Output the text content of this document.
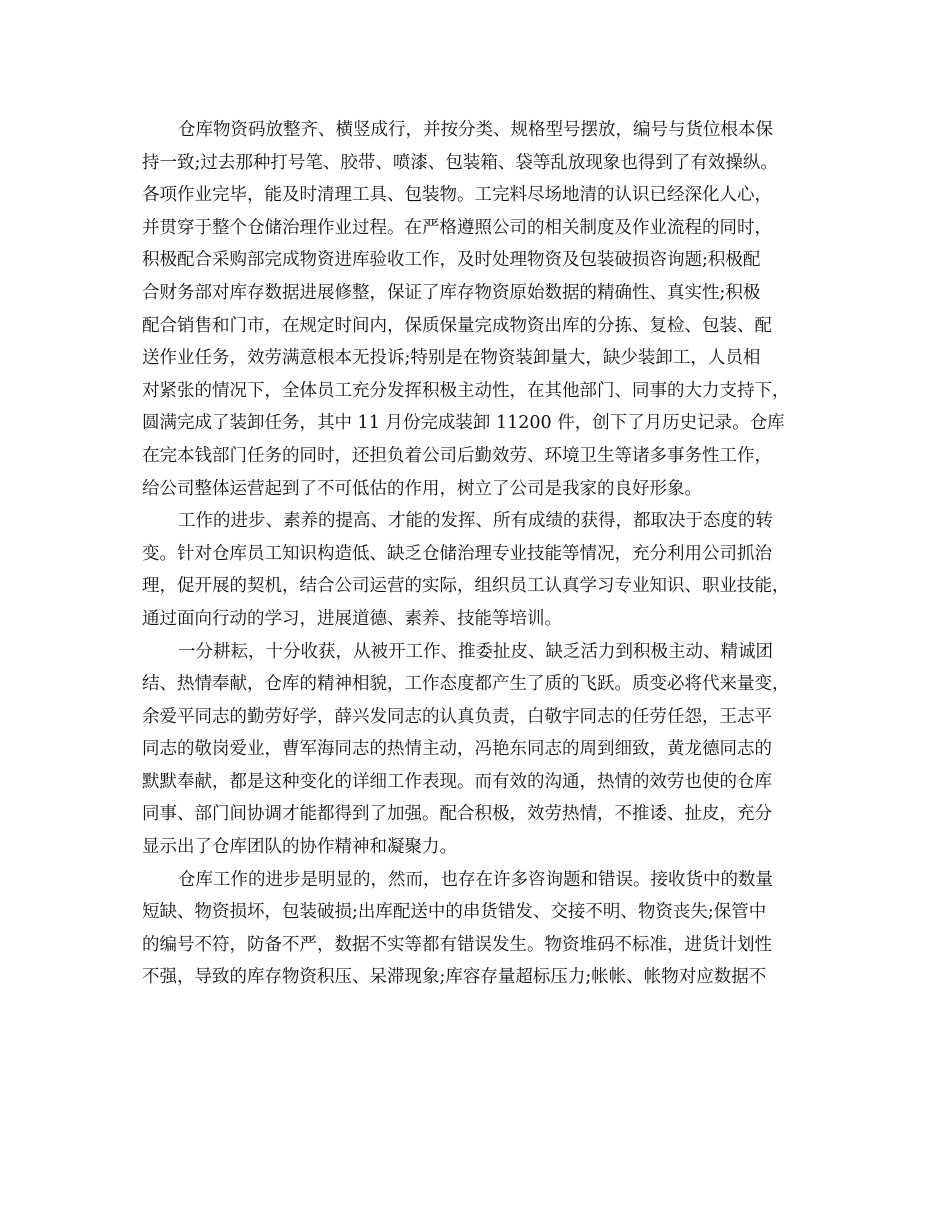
仓库物资码放整齐、横竖成行，并按分类、规格型号摆放，编号与货位根本保
持一致;过去那种打号笔、胶带、喷漆、包装箱、袋等乱放现象也得到了有效操纵。
各项作业完毕，能及时清理工具、包装物。工完料尽场地清的认识已经深化人心，
并贯穿于整个仓储治理作业过程。在严格遵照公司的相关制度及作业流程的同时，
积极配合采购部完成物资进库验收工作，及时处理物资及包装破损咨询题;积极配
合财务部对库存数据进展修整，保证了库存物资原始数据的精确性、真实性;积极
配合销售和门市，在规定时间内，保质保量完成物资出库的分拣、复检、包装、配
送作业任务，效劳满意根本无投诉;特别是在物资装卸量大，缺少装卸工，人员相
对紧张的情况下，全体员工充分发挥积极主动性，在其他部门、同事的大力支持下，
圆满完成了装卸任务，其中 11 月份完成装卸 11200 件，创下了月历史记录。仓库
在完本钱部门任务的同时，还担负着公司后勤效劳、环境卫生等诸多事务性工作，
给公司整体运营起到了不可低估的作用，树立了公司是我家的良好形象。
工作的进步、素养的提高、才能的发挥、所有成绩的获得，都取决于态度的转
变。针对仓库员工知识构造低、缺乏仓储治理专业技能等情况，充分利用公司抓治
理，促开展的契机，结合公司运营的实际，组织员工认真学习专业知识、职业技能，
通过面向行动的学习，进展道德、素养、技能等培训。
一分耕耘，十分收获，从被开工作、推委扯皮、缺乏活力到积极主动、精诚团
结、热情奉献，仓库的精神相貌，工作态度都产生了质的飞跃。质变必将代来量变，
余爱平同志的勤劳好学，薛兴发同志的认真负责，白敬宇同志的任劳任怨，王志平
同志的敬岗爱业，曹军海同志的热情主动，冯艳东同志的周到细致，黄龙德同志的
默默奉献，都是这种变化的详细工作表现。而有效的沟通，热情的效劳也使的仓库
同事、部门间协调才能都得到了加强。配合积极，效劳热情，不推诿、扯皮，充分
显示出了仓库团队的协作精神和凝聚力。
仓库工作的进步是明显的，然而，也存在许多咨询题和错误。接收货中的数量
短缺、物资损坏，包装破损;出库配送中的串货错发、交接不明、物资丧失;保管中
的编号不符，防备不严，数据不实等都有错误发生。物资堆码不标准，进货计划性
不强，导致的库存物资积压、呆滞现象;库容存量超标压力;帐帐、帐物对应数据不
